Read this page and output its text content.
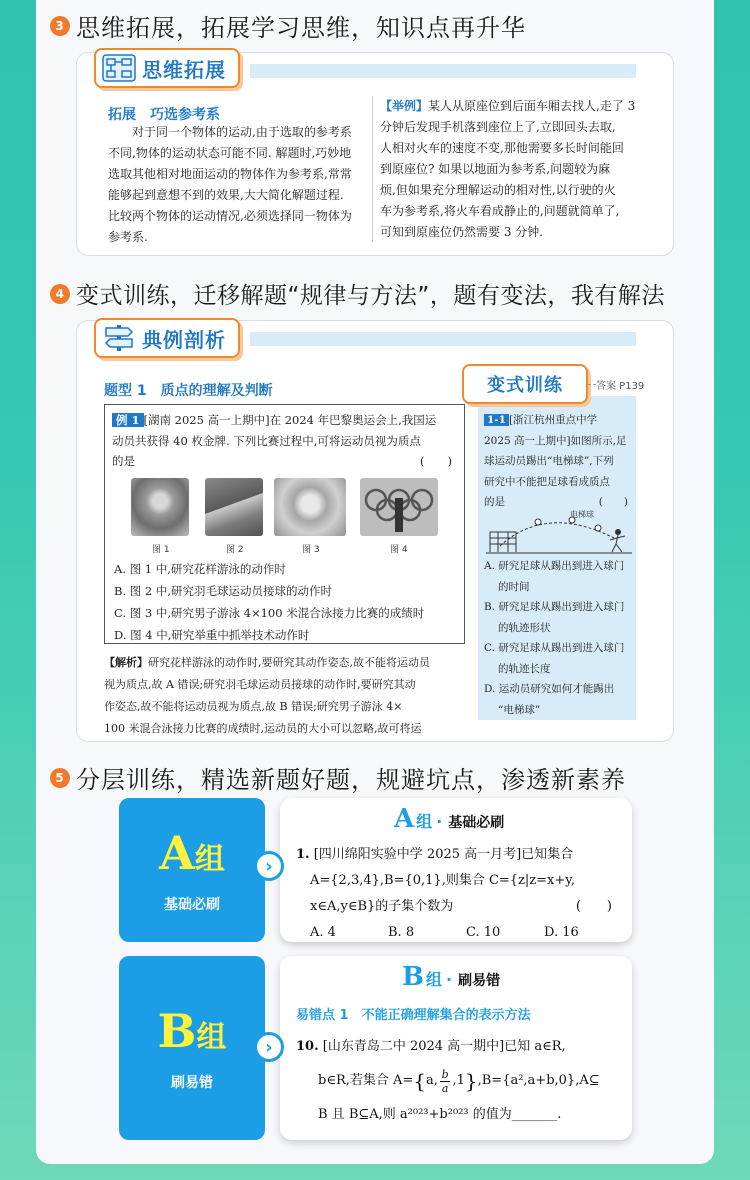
3 思维拓展，拓展学习思维，知识点再升华
思维拓展
拓展　巧选参考系
对于同一个物体的运动,由于选取的参考系
不同,物体的运动状态可能不同. 解题时,巧妙地
选取其他相对地面运动的物体作为参考系,常常
能够起到意想不到的效果,大大简化解题过程.
比较两个物体的运动情况,必须选择同一物体为
参考系.
【举例】某人从原座位到后面车厢去找人,走了 3
分钟后发现手机落到座位上了,立即回头去取,
人相对火车的速度不变,那他需要多长时间能回
到原座位? 如果以地面为参考系,问题较为麻
烦,但如果充分理解运动的相对性,以行驶的火
车为参考系,将火车看成静止的,问题就简单了,
可知到原座位仍然需要 3 分钟.
4 变式训练，迁移解题“规律与方法”，题有变法，我有解法
典例剖析
题型 1　质点的理解及判断
例 1 [湖南 2025 高一上期中]在 2024 年巴黎奥运会上,我国运
动员共获得 40 枚金牌. 下列比赛过程中,可将运动员视为质点
的是	(　　)
图 1	图 2	图 3	图 4
A. 图 1 中,研究花样游泳的动作时
B. 图 2 中,研究羽毛球运动员接球的动作时
C. 图 3 中,研究男子游泳 4×100 米混合泳接力比赛的成绩时
D. 图 4 中,研究举重中抓举技术动作时
【解析】研究花样游泳的动作时,要研究其动作姿态,故不能将运动员
视为质点,故 A 错误;研究羽毛球运动员接球的动作时,要研究其动
作姿态,故不能将运动员视为质点,故 B 错误;研究男子游泳 4×
100 米混合泳接力比赛的成绩时,运动员的大小可以忽略,故可将运
变式训练	答案 P139
1-1 [浙江杭州重点中学
2025 高一上期中]如图所示,足
球运动员踢出“电梯球”,下列
研究中不能把足球看成质点
的是	(　　)
电梯球
A. 研究足球从踢出到进入球门
的时间
B. 研究足球从踢出到进入球门
的轨迹形状
C. 研究足球从踢出到进入球门
的轨迹长度
D. 运动员研究如何才能踢出
“电梯球”
5 分层训练，精选新题好题，规避坑点，渗透新素养
A 组
基础必刷
›
A 组 · 基础必刷
1. [四川绵阳实验中学 2025 高一月考]已知集合
A={2,3,4},B={0,1},则集合 C={z|z=x+y,
x∈A,y∈B}的子集个数为	(　　)
A. 4	B. 8	C. 10	D. 16
B 组
刷易错
›
B 组 · 刷易错
易错点 1　不能正确理解集合的表示方法
10. [山东青岛二中 2024 高一期中]已知 a∈R,
b∈R,若集合 A= { a, b
a ,1 } ,B={a²,a+b,0},A⊆
B 且 B⊆A,则 a²⁰²³+b²⁰²³ 的值为_______.
